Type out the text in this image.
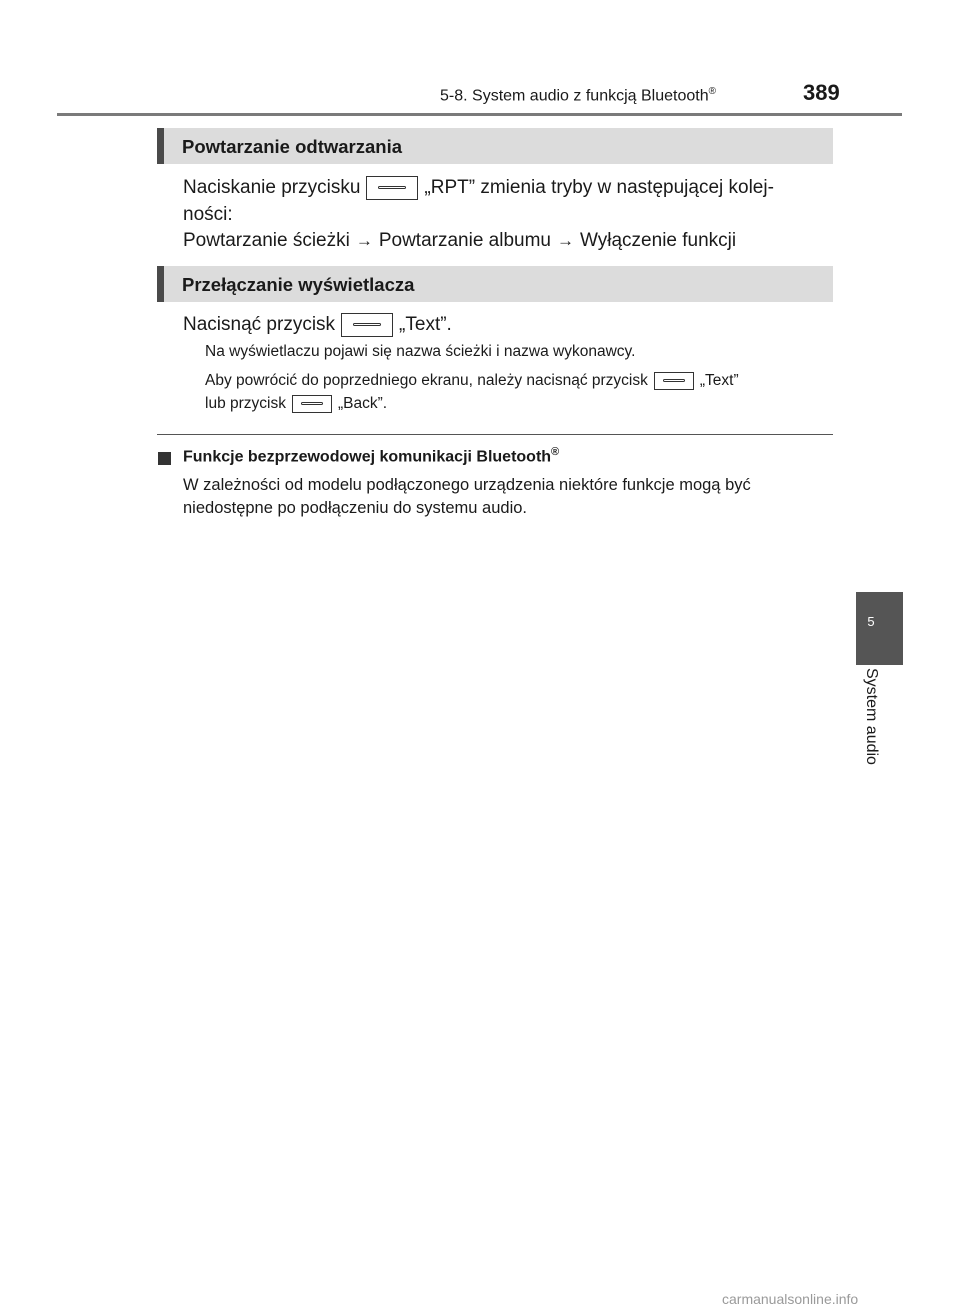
5-8. System audio z funkcją Bluetooth®	389
5
System audio
Powtarzanie odtwarzania
Naciskanie przycisku	„RPT” zmienia tryby w następującej kolej-
ności:
Powtarzanie ścieżki → Powtarzanie albumu → Wyłączenie funkcji
Przełączanie wyświetlacza
Nacisnąć przycisk	„Text”.
Na wyświetlaczu pojawi się nazwa ścieżki i nazwa wykonawcy.
Aby powrócić do poprzedniego ekranu, należy nacisnąć przycisk	„Text”
lub przycisk	„Back”.
Funkcje bezprzewodowej komunikacji Bluetooth®
W zależności od modelu podłączonego urządzenia niektóre funkcje mogą być
niedostępne po podłączeniu do systemu audio.
carmanualsonline.info
